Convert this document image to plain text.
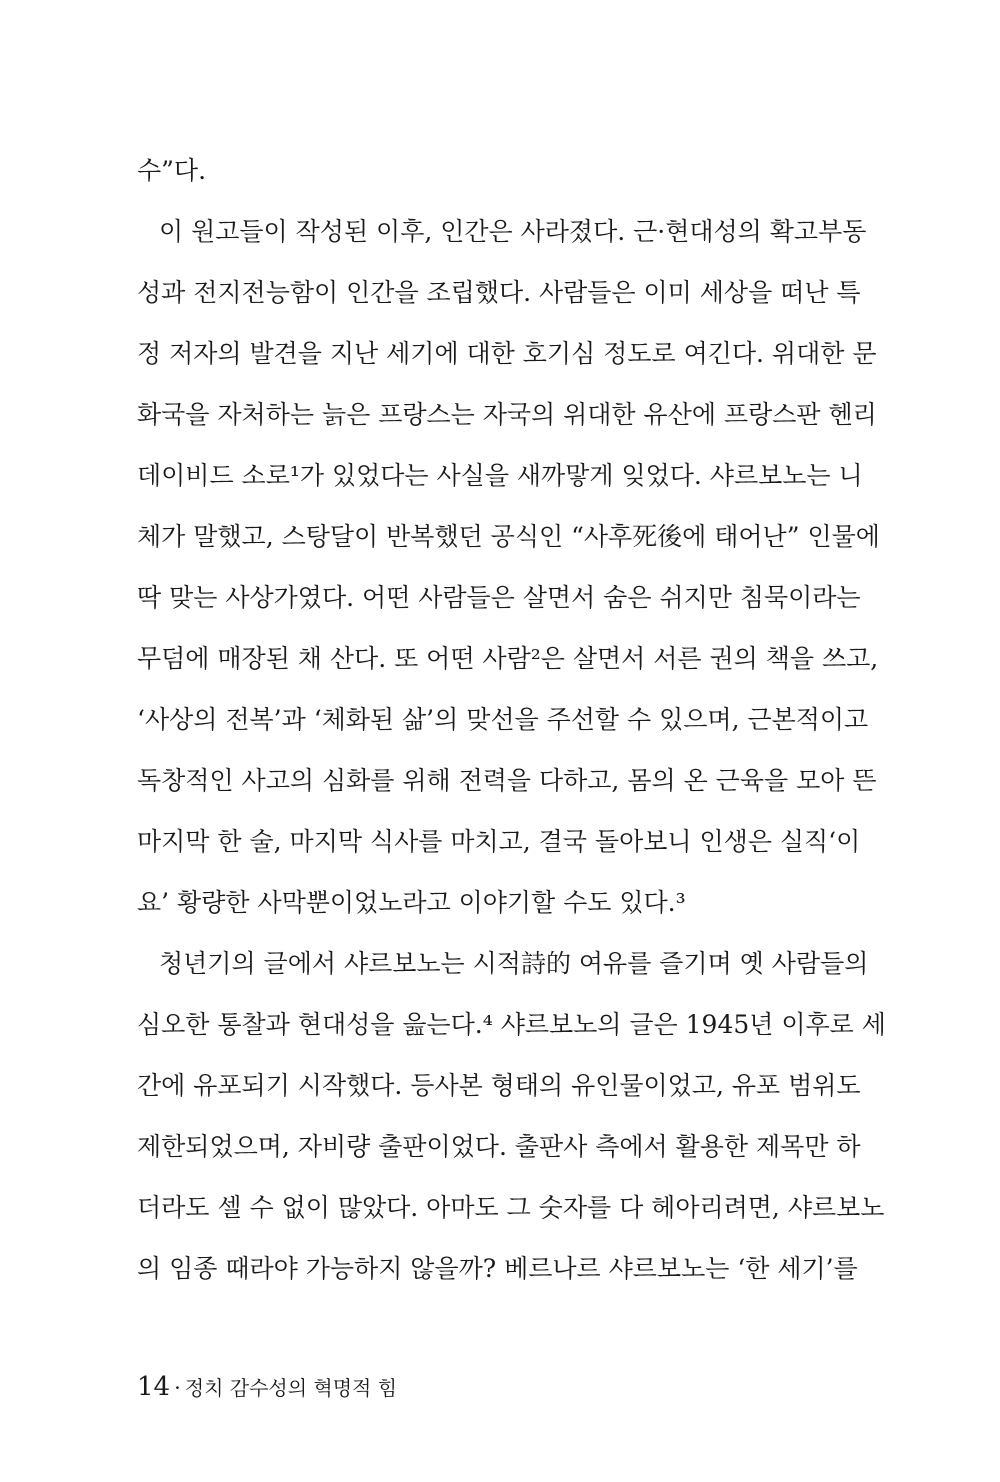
수”다.
이 원고들이 작성된 이후, 인간은 사라졌다. 근·현대성의 확고부동
성과 전지전능함이 인간을 조립했다. 사람들은 이미 세상을 떠난 특
정 저자의 발견을 지난 세기에 대한 호기심 정도로 여긴다. 위대한 문
화국을 자처하는 늙은 프랑스는 자국의 위대한 유산에 프랑스판 헨리
데이비드 소로¹가 있었다는 사실을 새까맣게 잊었다. 샤르보노는 니
체가 말했고, 스탕달이 반복했던 공식인 “사후死後에 태어난” 인물에
딱 맞는 사상가였다. 어떤 사람들은 살면서 숨은 쉬지만 침묵이라는
무덤에 매장된 채 산다. 또 어떤 사람²은 살면서 서른 권의 책을 쓰고,
‘사상의 전복’과 ‘체화된 삶’의 맞선을 주선할 수 있으며, 근본적이고
독창적인 사고의 심화를 위해 전력을 다하고, 몸의 온 근육을 모아 뜬
마지막 한 술, 마지막 식사를 마치고, 결국 돌아보니 인생은 실직‘이
요’ 황량한 사막뿐이었노라고 이야기할 수도 있다.³
청년기의 글에서 샤르보노는 시적詩的 여유를 즐기며 옛 사람들의
심오한 통찰과 현대성을 읊는다.⁴ 샤르보노의 글은 1945년 이후로 세
간에 유포되기 시작했다. 등사본 형태의 유인물이었고, 유포 범위도
제한되었으며, 자비량 출판이었다. 출판사 측에서 활용한 제목만 하
더라도 셀 수 없이 많았다. 아마도 그 숫자를 다 헤아리려면, 샤르보노
의 임종 때라야 가능하지 않을까? 베르나르 샤르보노는 ‘한 세기’를
14 · 정치 감수성의 혁명적 힘
